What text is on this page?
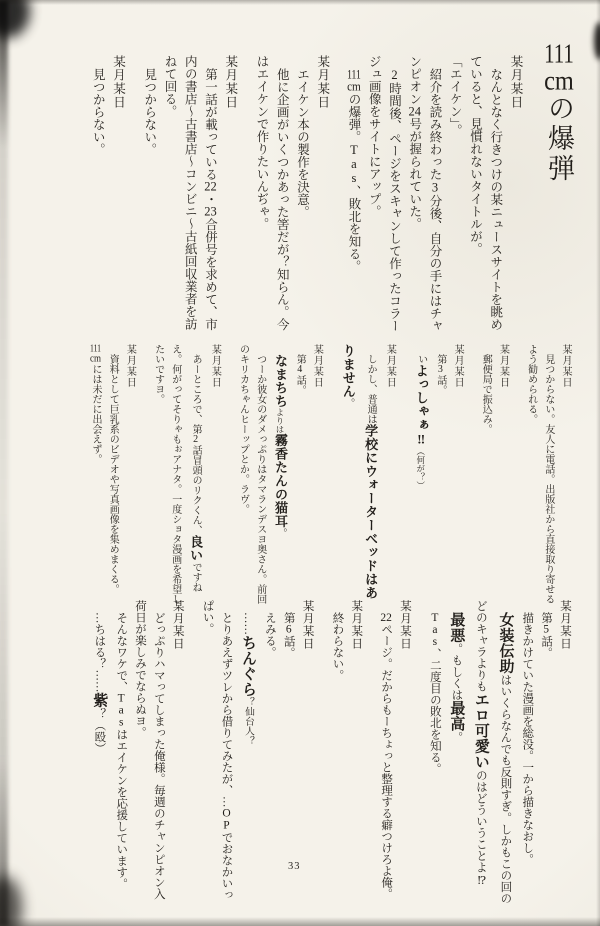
111cmの爆弾

某月某日

なんとなく行きつけの某ニュースサイトを眺めていると、見慣れないタイトルが。

「エイケン」。

紹介を読み終わった3分後、自分の手にはチャンピオン24号が握られていた。

2時間後、ページをスキャンして作ったコラージュ画像をサイトにアップ。

111cmの爆弾。Tas、敗北を知る。

某月某日

エイケン本の製作を決意。

他に企画がいくつかあった筈だが？知らん。今はエイケンで作りたいんぢゃ。

某月某日

第一話が載っている22・23合併号を求めて、市内の書店～古書店～コンビニ～古紙回収業者を訪ねて回る。

見つからない。

某月某日

見つからない。

某月某日

見つからない。友人に電話。出版社から直接取り寄せるよう勧められる。

某月某日

郵便局で振込み。

某月某日

第3話。

いよっしゃぁ‼（何が？）

某月某日

しかし、普通は学校にウォーターベッドはありません。

某月某日

第4話。

なまちちよりは霧香たんの猫耳。

つーか彼女のダメっぷりはタマランデスヨ奥さん。前回のキリカちゃんヒーップとか。ラヴ。

某月某日

あーところで、第2話冒頭のリクくん、良いですねえ。何がってそりゃもぉアナタ。一度ショタ漫画を希望したいですヨ。

某月某日

資料として巨乳系のビデオや写真画像を集めまくる。111cmには未だに出会えず。

某月某日

第5話。

描きかけていた漫画を総没。一から描きなおし。

女装伝助はいくらなんでも反則すぎ。しかもこの回のどのキャラよりもエロ可愛いのはどういうことよ⁉

最悪。もしくは最高。

Tas、二度目の敗北を知る。

某月某日

22ページ。だからもーちょっと整理する癖つけろよ俺。

某月某日

終わらない。

某月某日

第6話。

えみる。

……ちんぐら？仙台人？

とりあえずツレから借りてみたが、…OPでおなかいっぱい。

某月某日

どっぷりハマってしまった俺様。毎週のチャンピオン入荷日が楽しみでならぬヨ。

そんなワケで、Tasはエイケンを応援しています。

…ちはる？……紫？（殴）

33
